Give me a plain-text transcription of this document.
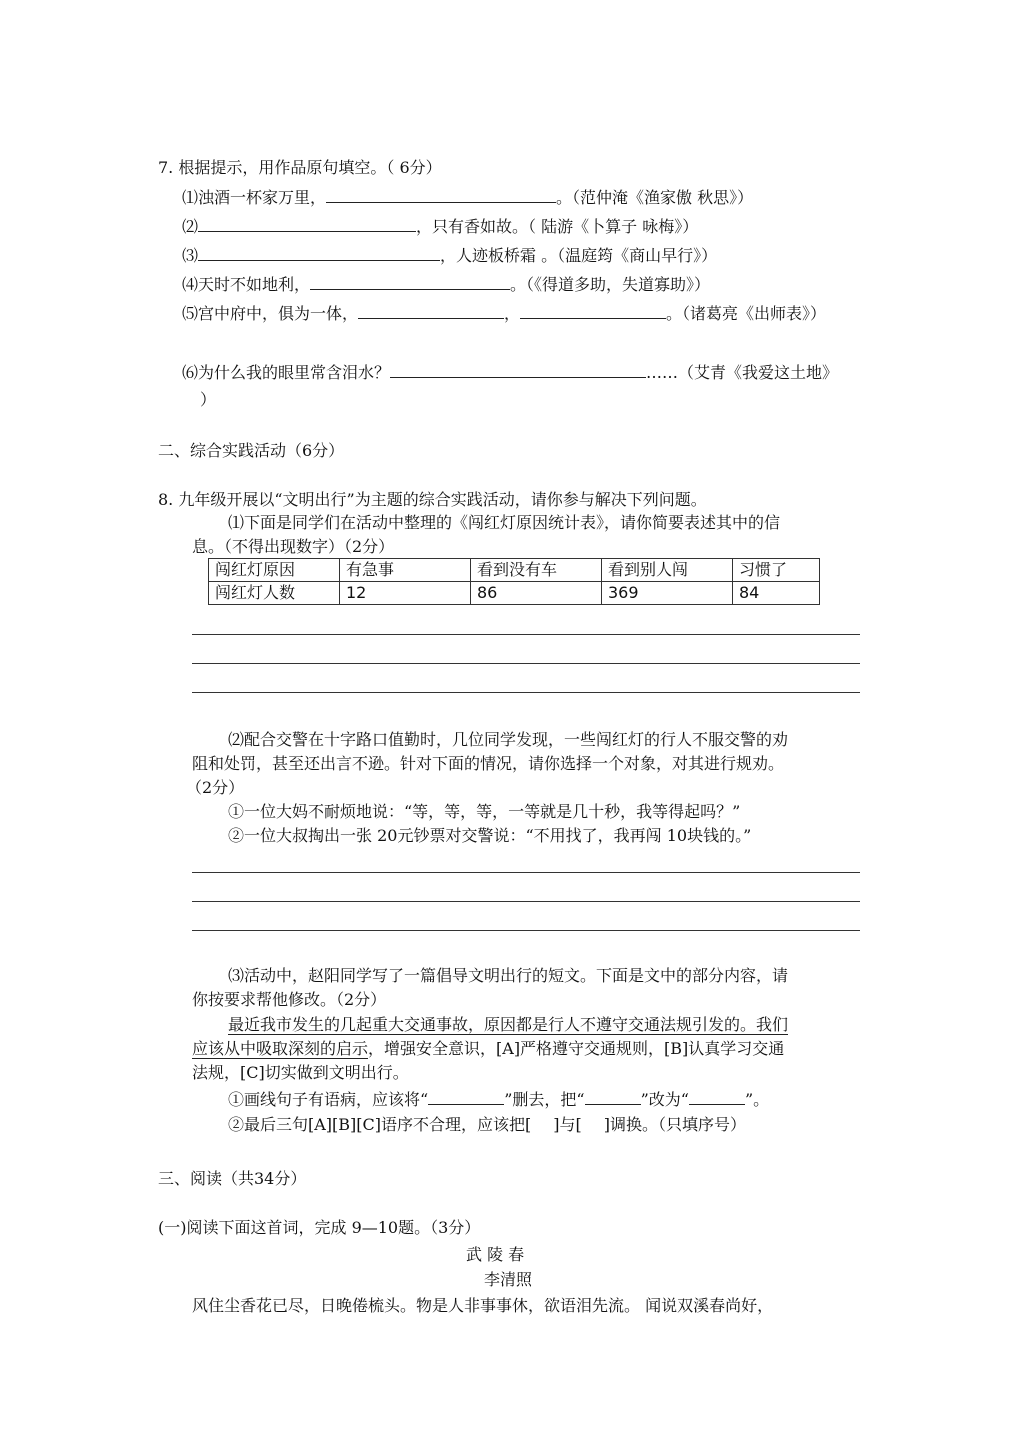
7. 根据提示，用作品原句填空。（ 6分）
⑴浊酒一杯家万里，	。（范仲淹《渔家傲 秋思》）
⑵	，只有香如故。（ 陆游《卜算子 咏梅》）
⑶	，人迹板桥霜 。（温庭筠《商山早行》）
⑷天时不如地利，	。（《得道多助，失道寡助》）
⑸宫中府中，俱为一体，	，	。（诸葛亮《出师表》）
⑹为什么我的眼里常含泪水？	……（艾青《我爱这土地》
）
二、综合实践活动（6分）
8. 九年级开展以“文明出行”为主题的综合实践活动，请你参与解决下列问题。
⑴下面是同学们在活动中整理的《闯红灯原因统计表》，请你简要表述其中的信
息。（不得出现数字）（2分）
闯红灯原因	有急事	看到没有车	看到别人闯	习惯了
闯红灯人数	12	86	369	84
⑵配合交警在十字路口值勤时，几位同学发现，一些闯红灯的行人不服交警的劝
阻和处罚，甚至还出言不逊。针对下面的情况，请你选择一个对象，对其进行规劝。
（2分）
①一位大妈不耐烦地说：“等，等，等，一等就是几十秒，我等得起吗？”
②一位大叔掏出一张 20元钞票对交警说：“不用找了，我再闯 10块钱的。”
⑶活动中，赵阳同学写了一篇倡导文明出行的短文。下面是文中的部分内容，请
你按要求帮他修改。（2分）
最近我市发生的几起重大交通事故，原因都是行人不遵守交通法规引发的。我们
应该从中吸取深刻的启示，增强安全意识，[A]严格遵守交通规则，[B]认真学习交通
法规，[C]切实做到文明出行。
①画线句子有语病，应该将“	”删去，把“	”改为“	”。
②最后三句[A][B][C]语序不合理，应该把[ ]与[ ]调换。（只填序号）
三、阅读（共34分）
(一)阅读下面这首词，完成 9—10题。（3分）
武 陵 春
李清照
风住尘香花已尽，日晚倦梳头。物是人非事事休，欲语泪先流。 闻说双溪春尚好，
